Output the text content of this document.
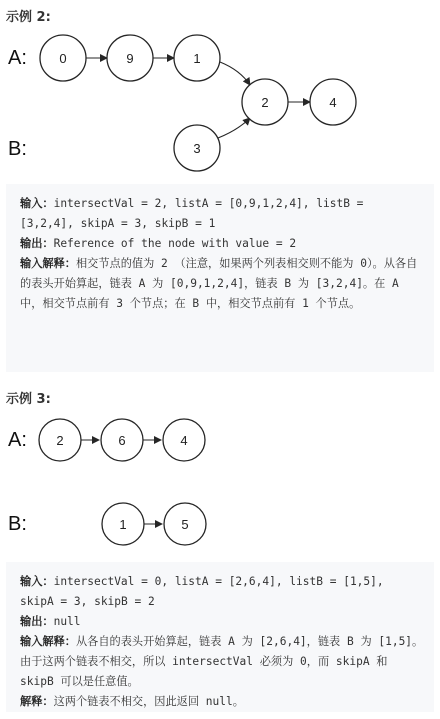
示例 2:
A:
B:
0	9	1
2	4
3

输入：intersectVal = 2, listA = [0,9,1,2,4], listB = [3,2,4], skipA = 3, skipB = 1

输出：Reference of the node with value = 2

输入解释：相交节点的值为 2 （注意，如果两个列表相交则不能为 0）。从各自的表头开始算起，链表 A 为 [0,9,1,2,4]，链表 B 为 [3,2,4]。在 A 中，相交节点前有 3 个节点；在 B 中，相交节点前有 1 个节点。

示例 3:
A:
B:
2	6	4
1	5

输入：intersectVal = 0, listA = [2,6,4], listB = [1,5], skipA = 3, skipB = 2

输出：null

输入解释：从各自的表头开始算起，链表 A 为 [2,6,4]，链表 B 为 [1,5]。由于这两个链表不相交，所以 intersectVal 必须为 0，而 skipA 和 skipB 可以是任意值。

解释：这两个链表不相交，因此返回 null。
